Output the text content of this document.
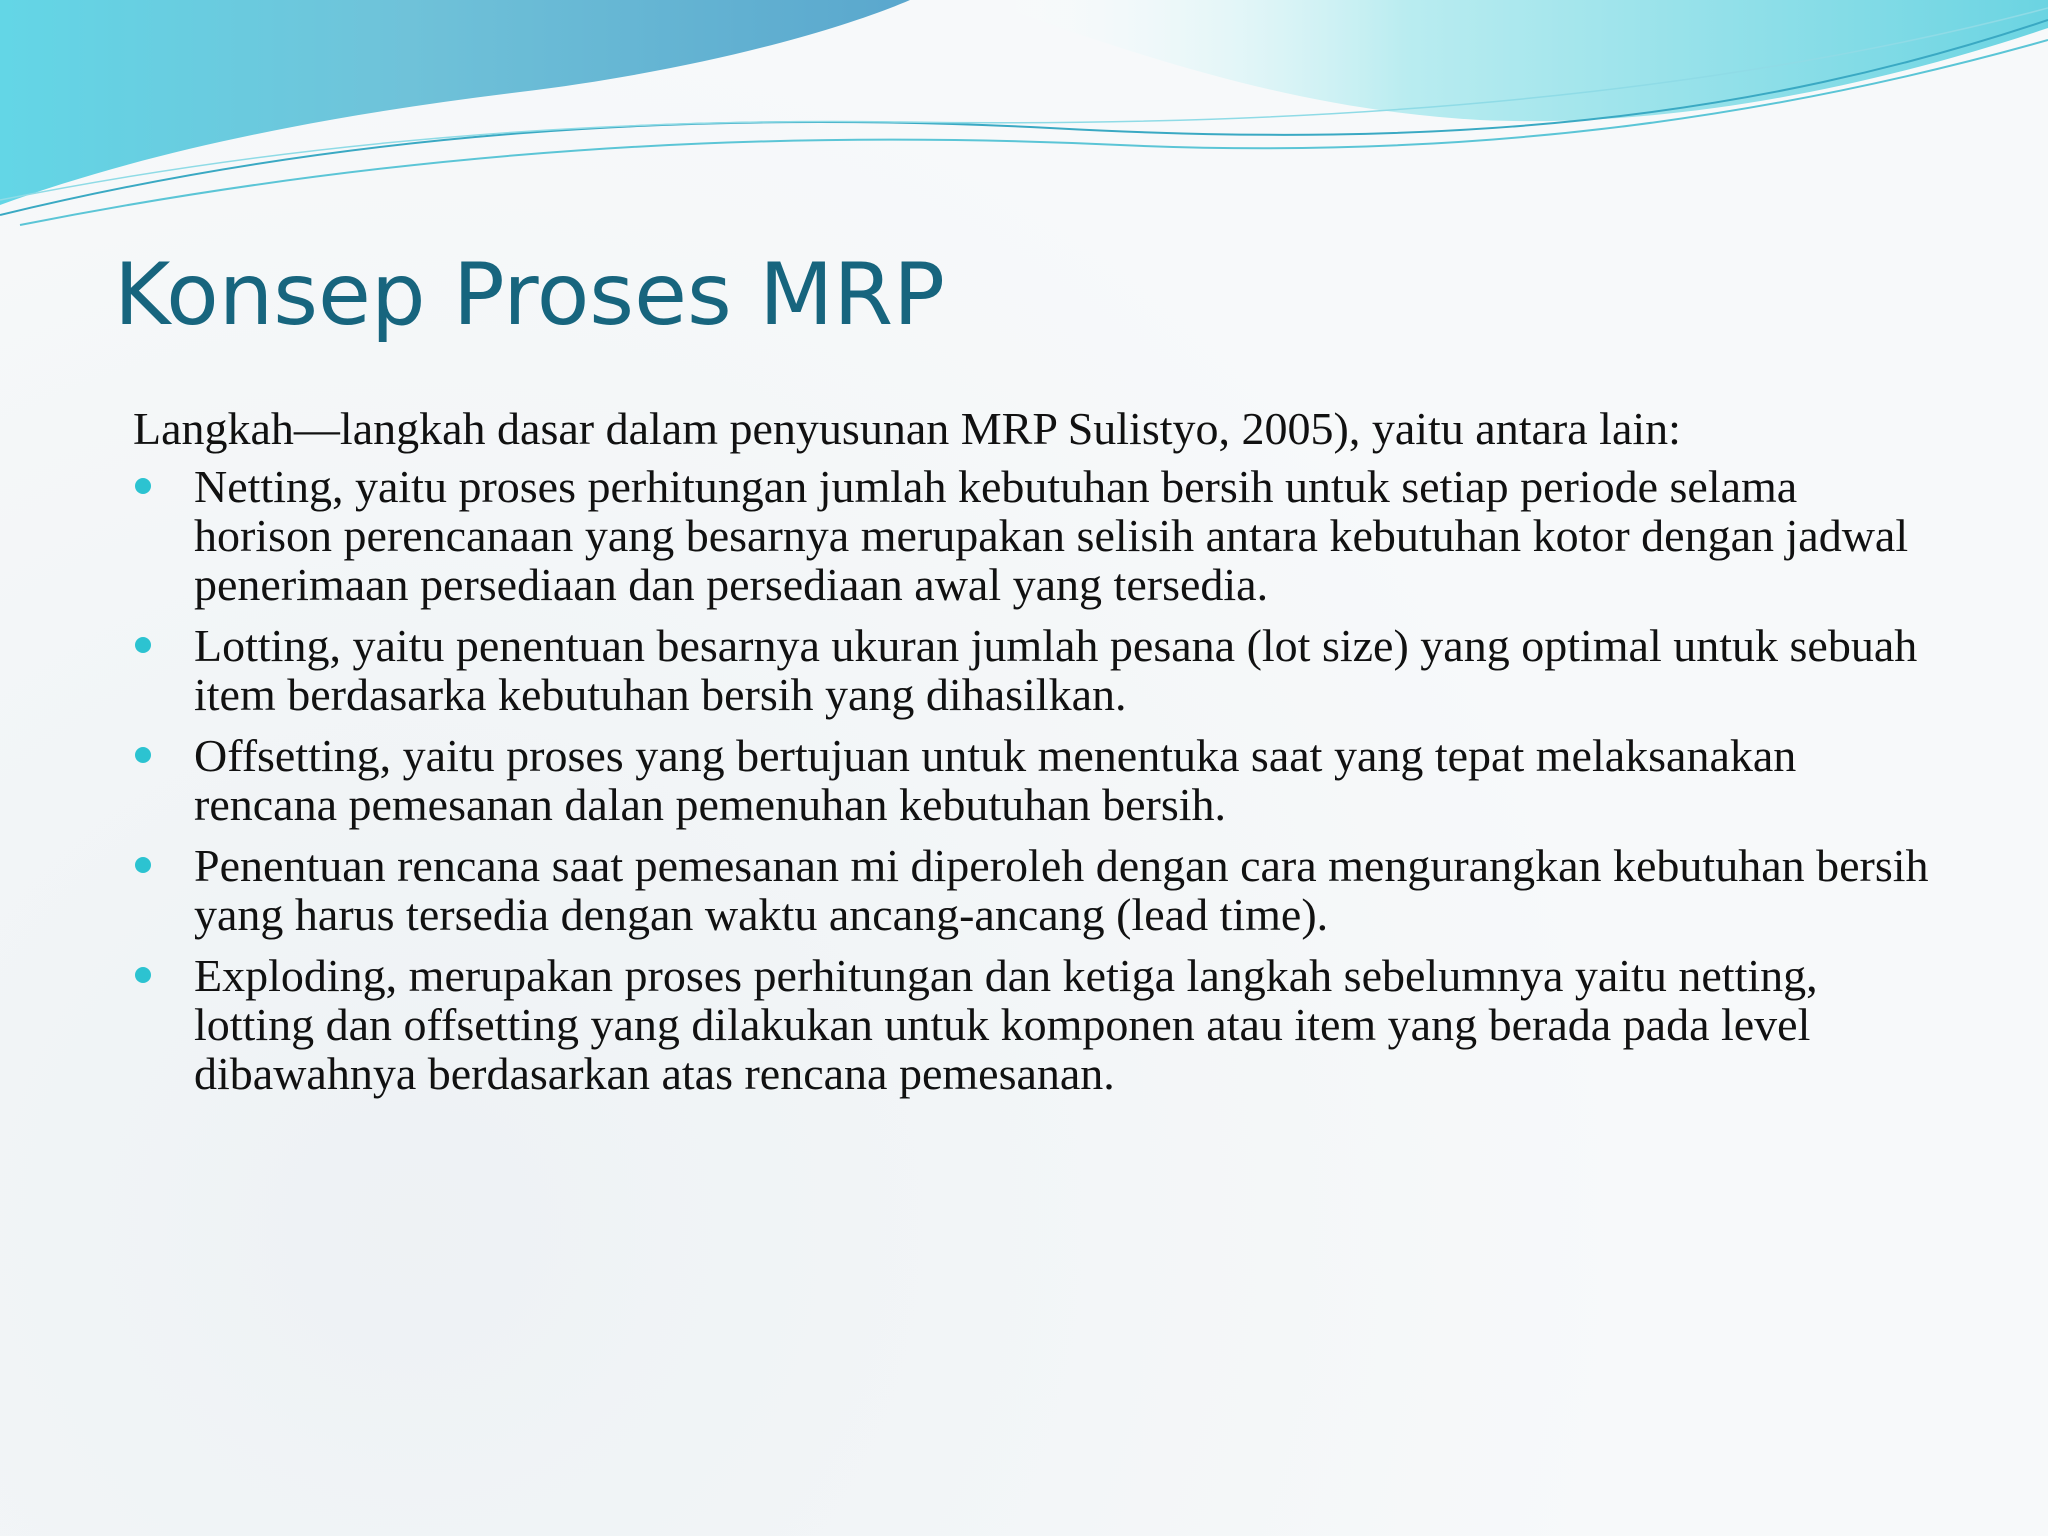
Konsep Proses MRP

Langkah—langkah dasar dalam penyusunan MRP Sulistyo, 2005), yaitu antara lain:

Netting, yaitu proses perhitungan jumlah kebutuhan bersih untuk setiap periode selama horison perencanaan yang besarnya merupakan selisih antara kebutuhan kotor dengan jadwal penerimaan persediaan dan persediaan awal yang tersedia.
Lotting, yaitu penentuan besarnya ukuran jumlah pesana (lot size) yang optimal untuk sebuah item berdasarka kebutuhan bersih yang dihasilkan.
Offsetting, yaitu proses yang bertujuan untuk menentuka saat yang tepat melaksanakan rencana pemesanan dalan pemenuhan kebutuhan bersih.
Penentuan rencana saat pemesanan mi diperoleh dengan cara mengurangkan kebutuhan bersih yang harus tersedia dengan waktu ancang-ancang (lead time).
Exploding, merupakan proses perhitungan dan ketiga langkah sebelumnya yaitu netting, lotting dan offsetting yang dilakukan untuk komponen atau item yang berada pada level dibawahnya berdasarkan atas rencana pemesanan.
